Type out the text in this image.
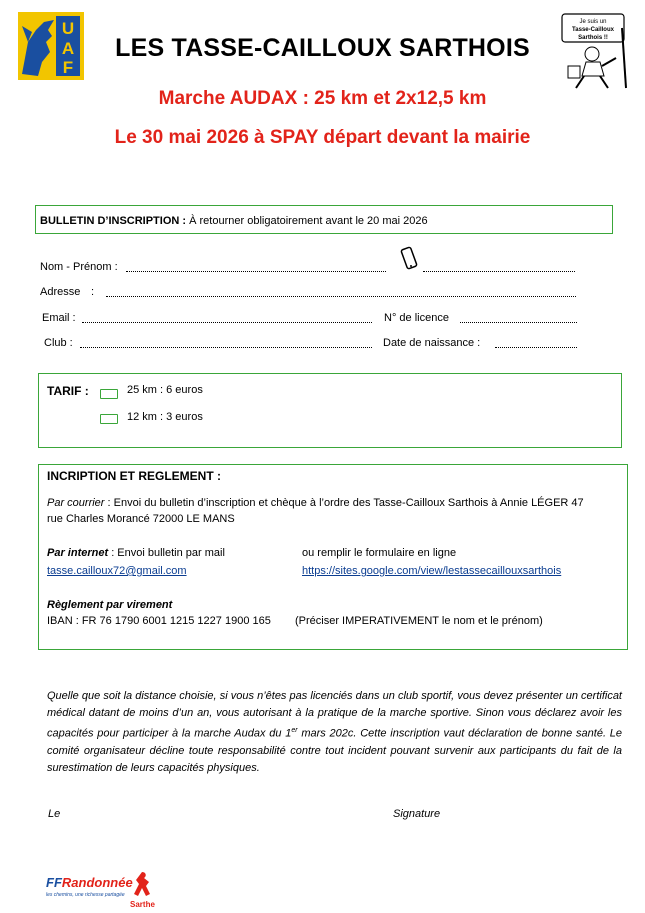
U
A
F
Je suis un
Tasse-Cailloux
Sarthois !!
LES TASSE-CAILLOUX SARTHOIS
Marche AUDAX : 25 km et 2x12,5 km
Le 30 mai 2026 à SPAY départ devant la mairie
BULLETIN D’INSCRIPTION : À retourner obligatoirement avant le 20 mai 2026
Nom - Prénom :
Adresse :
Email :	N° de licence
Club :	Date de naissance :
TARIF :	25 km : 6 euros
12 km : 3 euros
INCRIPTION ET REGLEMENT :
Par courrier : Envoi du bulletin d’inscription et chèque à l’ordre des Tasse-Cailloux Sarthois à Annie LÉGER 47
rue Charles Morancé 72000 LE MANS
Par internet : Envoi bulletin par mail	ou remplir le formulaire en ligne
tasse.cailloux72@gmail.com	https://sites.google.com/view/lestassecaillouxsarthois
Règlement par virement
IBAN : FR 76 1790 6001 1215 1227 1900 165 (Préciser IMPERATIVEMENT le nom et le prénom)
Quelle que soit la distance choisie, si vous n’êtes pas licenciés dans un club sportif, vous devez présenter un certificat médical datant de moins d’un an, vous autorisant à la pratique de la marche sportive. Sinon vous déclarez avoir les capacités pour participer à la marche Audax du 1er mars 202c. Cette inscription vaut déclaration de bonne santé. Le comité organisateur décline toute responsabilité contre tout incident pouvant survenir aux participants du fait de la surestimation de leurs capacités physiques.
Le	Signature
FFRandonnée
les chemins, une richesse partagée
Sarthe
